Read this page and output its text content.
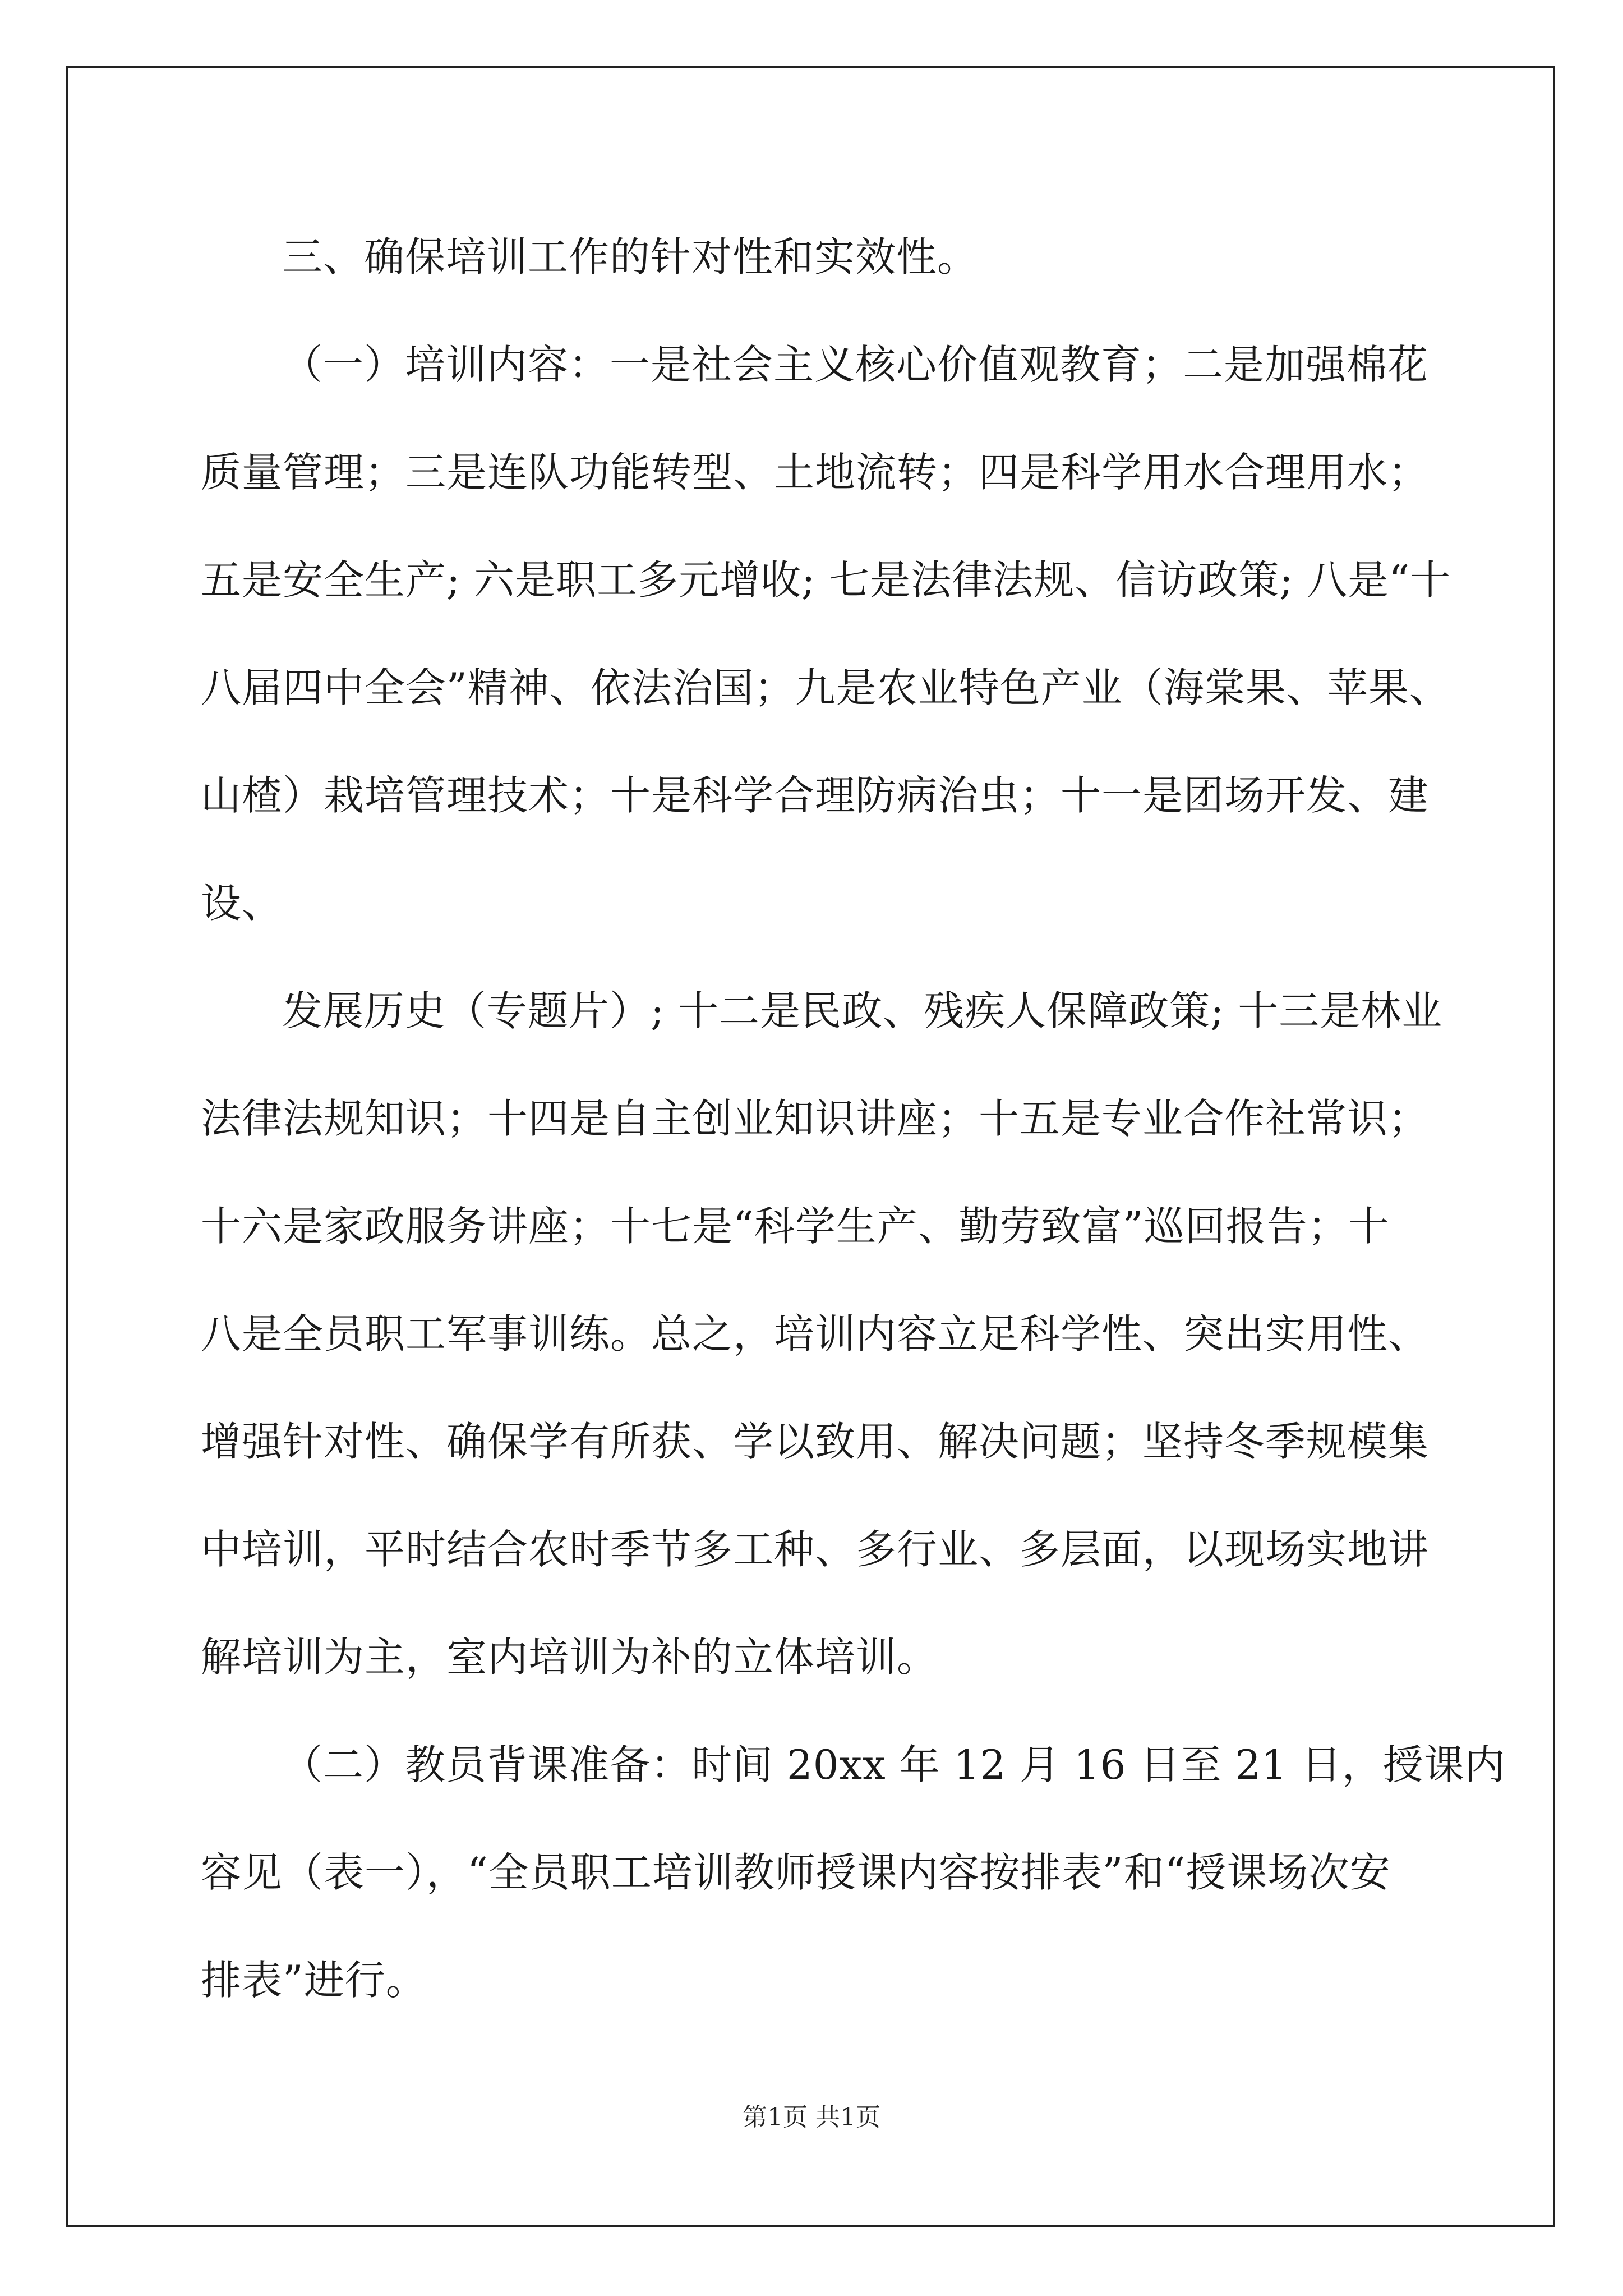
三、确保培训工作的针对性和实效性。
（一）培训内容：一是社会主义核心价值观教育；二是加强棉花
质量管理；三是连队功能转型、土地流转；四是科学用水合理用水；
五是安全生产; 六是职工多元增收; 七是法律法规、信访政策; 八是“十
八届四中全会”精神、依法治国；九是农业特色产业（海棠果、苹果、
山楂）栽培管理技术；十是科学合理防病治虫；十一是团场开发、建
设、
发展历史（专题片）; 十二是民政、残疾人保障政策; 十三是林业
法律法规知识；十四是自主创业知识讲座；十五是专业合作社常识；
十六是家政服务讲座；十七是“科学生产、勤劳致富”巡回报告；十
八是全员职工军事训练。总之，培训内容立足科学性、突出实用性、
增强针对性、确保学有所获、学以致用、解决问题；坚持冬季规模集
中培训，平时结合农时季节多工种、多行业、多层面，以现场实地讲
解培训为主，室内培训为补的立体培训。
（二）教员背课准备：时间 20xx 年 12 月 16 日至 21 日，授课内
容见（表一），“全员职工培训教师授课内容按排表”和“授课场次安
排表”进行。
第1页 共1页
